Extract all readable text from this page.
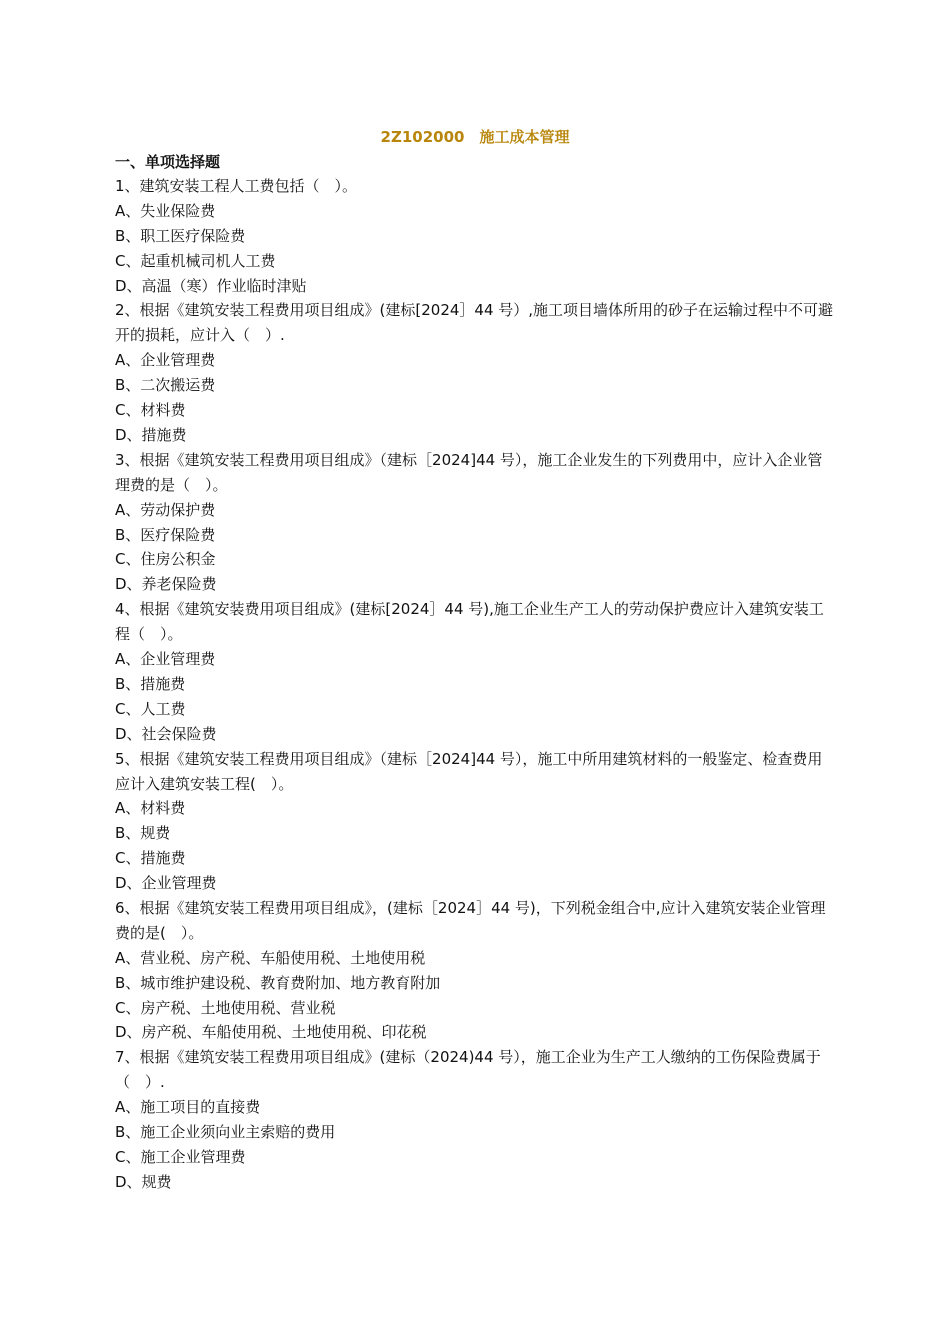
2Z102000　施工成本管理
一、单项选择题

1、建筑安装工程人工费包括（　）。

A、失业保险费

B、职工医疗保险费

C、起重机械司机人工费

D、高温（寒）作业临时津贴

2、根据《建筑安装工程费用项目组成》(建标[2024］44 号）,施工项目墙体所用的砂子在运输过程中不可避开的损耗，应计入（　）.

A、企业管理费

B、二次搬运费

C、材料费

D、措施费

3、根据《建筑安装工程费用项目组成》（建标［2024]44 号），施工企业发生的下列费用中，应计入企业管理费的是（　）。

A、劳动保护费

B、医疗保险费

C、住房公积金

D、养老保险费

4、根据《建筑安装费用项目组成》(建标[2024］44 号),施工企业生产工人的劳动保护费应计入建筑安装工程（　）。

A、企业管理费

B、措施费

C、人工费

D、社会保险费

5、根据《建筑安装工程费用项目组成》（建标［2024]44 号），施工中所用建筑材料的一般鉴定、检查费用应计入建筑安装工程(　）。

A、材料费

B、规费

C、措施费

D、企业管理费

6、根据《建筑安装工程费用项目组成》，(建标［2024］44 号)，下列税金组合中,应计入建筑安装企业管理费的是(　）。

A、营业税、房产税、车船使用税、土地使用税

B、城市维护建设税、教育费附加、地方教育附加

C、房产税、土地使用税、营业税

D、房产税、车船使用税、土地使用税、印花税

7、根据《建筑安装工程费用项目组成》(建标（2024)44 号），施工企业为生产工人缴纳的工伤保险费属于（　）.

A、施工项目的直接费

B、施工企业须向业主索赔的费用

C、施工企业管理费

D、规费
